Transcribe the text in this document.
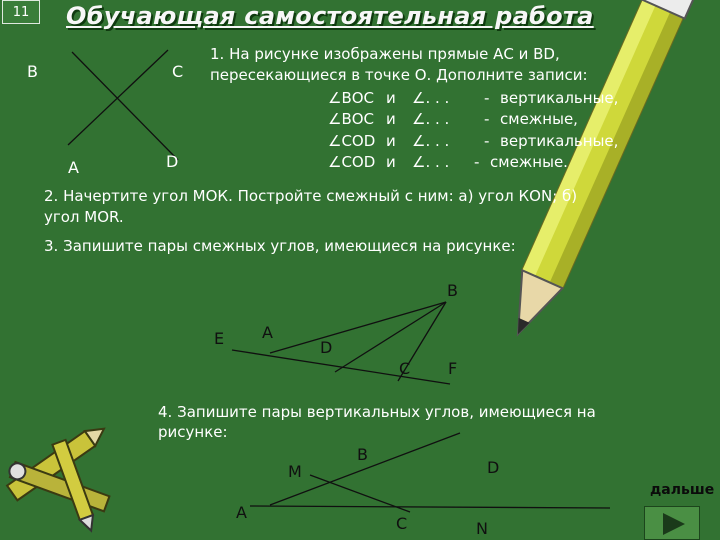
11	Обучающая самостоятельная работа
B	C
A	D
1. На рисунке изображены прямые АС и ВD,
пересекающиеся в точке О. Дополните записи:
∠ВОС и ∠. . . - вертикальные,
∠ВОС и ∠. . . - смежные,
∠COD и ∠. . . - вертикальные,
∠COD и ∠. . . - смежные.
2. Начертите угол МОК. Постройте смежный с ним: а) угол КОN; б)
угол МОR.
3. Запишите пары смежных углов, имеющиеся на рисунке:
B
E A
D
C F
4. Запишите пары вертикальных углов, имеющиеся на
рисунке:
B
M	D
A
C	N
дальше
